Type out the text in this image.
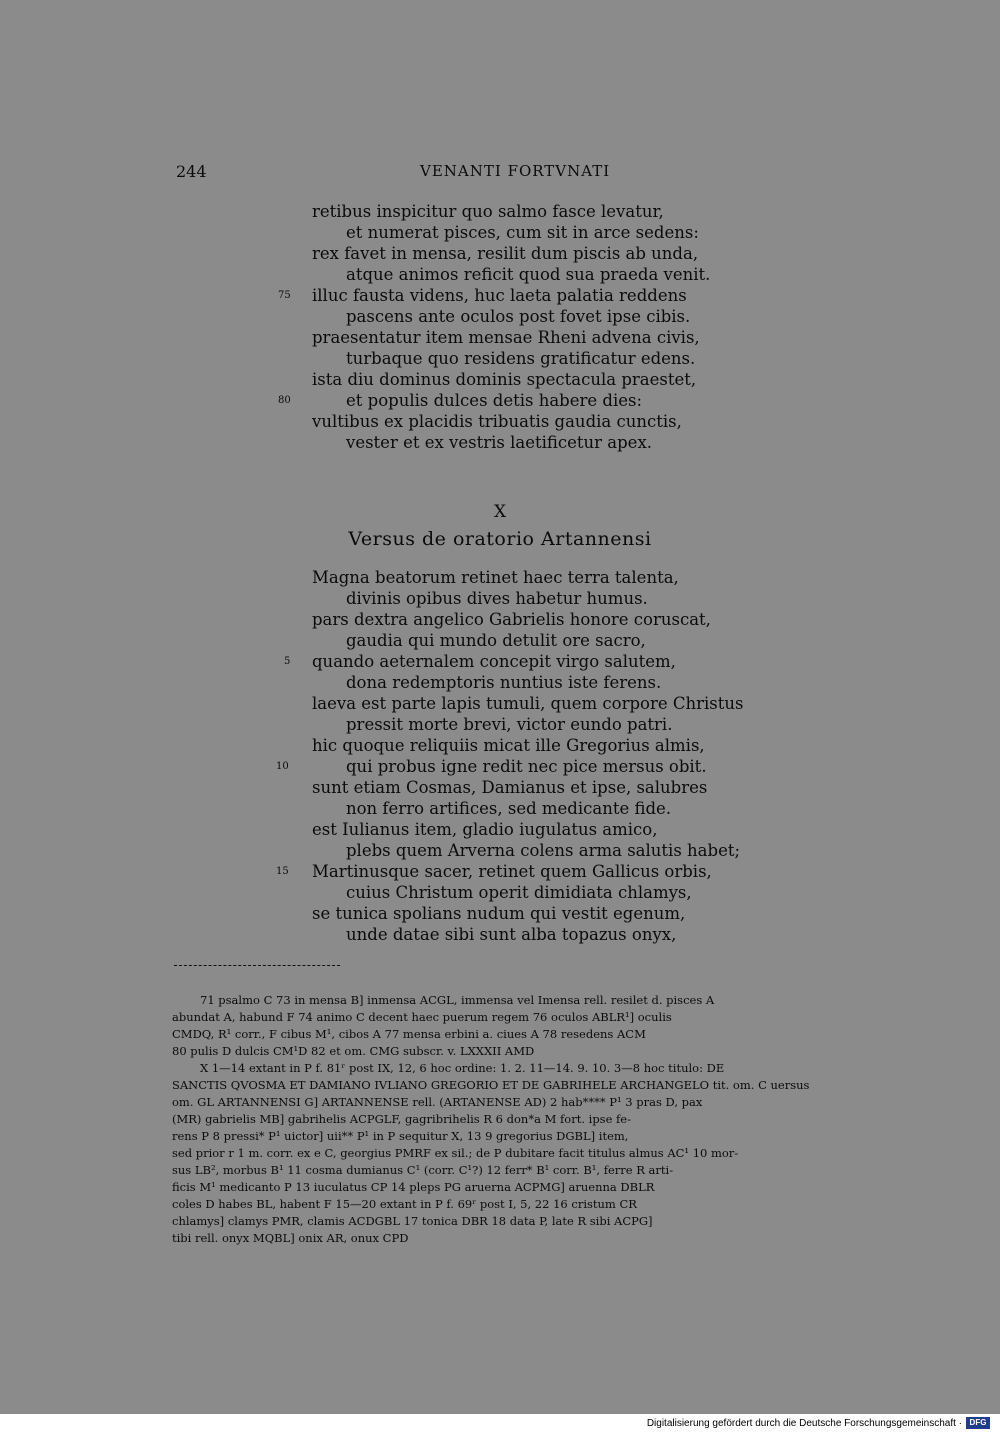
244	VENANTI FORTVNATI
retibus inspicitur quo salmo fasce levatur,
et numerat pisces, cum sit in arce sedens:
rex favet in mensa, resilit dum piscis ab unda,
atque animos reficit quod sua praeda venit.
75 illuc fausta videns, huc laeta palatia reddens
pascens ante oculos post fovet ipse cibis.
praesentatur item mensae Rheni advena civis,
turbaque quo residens gratificatur edens.
ista diu dominus dominis spectacula praestet,
80	et populis dulces detis habere dies:
vultibus ex placidis tribuatis gaudia cunctis,
vester et ex vestris laetificetur apex.
X
Versus de oratorio Artannensi
Magna beatorum retinet haec terra talenta,
divinis opibus dives habetur humus.
pars dextra angelico Gabrielis honore coruscat,
gaudia qui mundo detulit ore sacro,
5 quando aeternalem concepit virgo salutem,
dona redemptoris nuntius iste ferens.
laeva est parte lapis tumuli, quem corpore Christus
pressit morte brevi, victor eundo patri.
hic quoque reliquiis micat ille Gregorius almis,
10	qui probus igne redit nec pice mersus obit.
sunt etiam Cosmas, Damianus et ipse, salubres
non ferro artifices, sed medicante fide.
est Iulianus item, gladio iugulatus amico,
plebs quem Arverna colens arma salutis habet;
15 Martinusque sacer, retinet quem Gallicus orbis,
cuius Christum operit dimidiata chlamys,
se tunica spolians nudum qui vestit egenum,
unde datae sibi sunt alba topazus onyx,
71 psalmo C 73 in mensa B] inmensa ACGL, immensa vel Imensa rell. resilet d. pisces A
abundat A, habund F 74 animo C decent haec puerum regem 76 oculos ABLR¹] oculis
CMDQ, R¹ corr., F cibus M¹, cibos A 77 mensa erbini a. ciues A 78 resedens ACM
80 pulis D dulcis CM¹D 82 et om. CMG subscr. v. LXXXII AMD
X 1—14 extant in P f. 81ʳ post IX, 12, 6 hoc ordine: 1. 2. 11—14. 9. 10. 3—8 hoc titulo: DE
SANCTIS QVOSMA ET DAMIANO IVLIANO GREGORIO ET DE GABRIHELE ARCHANGELO tit. om. C uersus
om. GL ARTANNENSI G] ARTANNENSE rell. (ARTANENSE AD) 2 hab**** P¹ 3 pras D, pax
(MR) gabrielis MB] gabrihelis ACPGLF, gagribrihelis R 6 don*a M fort. ipse fe-
rens P 8 pressi* P¹ uictor] uii** P¹ in P sequitur X, 13 9 gregorius DGBL] item,
sed prior r 1 m. corr. ex e C, georgius PMRF ex sil.; de P dubitare facit titulus almus AC¹ 10 mor-
sus LB², morbus B¹ 11 cosma dumianus C¹ (corr. C¹?) 12 ferr* B¹ corr. B¹, ferre R arti-
ficis M¹ medicanto P 13 iuculatus CP 14 pleps PG aruerna ACPMG] aruenna DBLR
coles D habes BL, habent F 15—20 extant in P f. 69ʳ post I, 5, 22 16 cristum CR
chlamys] clamys PMR, clamis ACDGBL 17 tonica DBR 18 data P, late R sibi ACPG]
tibi rell. onyx MQBL] onix AR, onux CPD
Digitalisierung gefördert durch die Deutsche Forschungsgemeinschaft · DFG
